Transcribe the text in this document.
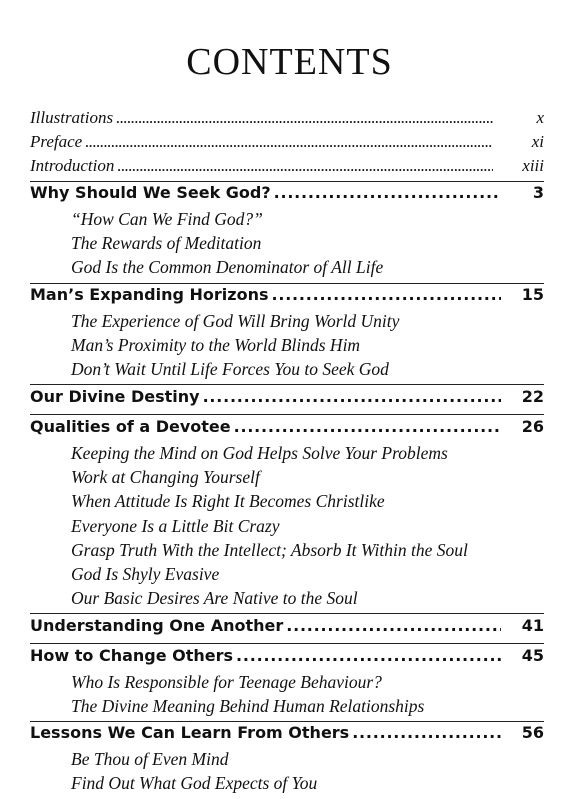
CONTENTS
Illustrations . . .	x
Preface . . .	xi
Introduction . . .	xiii
Why Should We Seek God? . . .	3
“How Can We Find God?”
The Rewards of Meditation
God Is the Common Denominator of All Life
Man’s Expanding Horizons . . .	15
The Experience of God Will Bring World Unity
Man’s Proximity to the World Blinds Him
Don’t Wait Until Life Forces You to Seek God
Our Divine Destiny . . .	22
Qualities of a Devotee . . .	26
Keeping the Mind on God Helps Solve Your Problems
Work at Changing Yourself
When Attitude Is Right It Becomes Christlike
Everyone Is a Little Bit Crazy
Grasp Truth With the Intellect; Absorb It Within the Soul
God Is Shyly Evasive
Our Basic Desires Are Native to the Soul
Understanding One Another . . .	41
How to Change Others . . .	45
Who Is Responsible for Teenage Behaviour?
The Divine Meaning Behind Human Relationships
Lessons We Can Learn From Others . . .	56
Be Thou of Even Mind
Find Out What God Expects of You
